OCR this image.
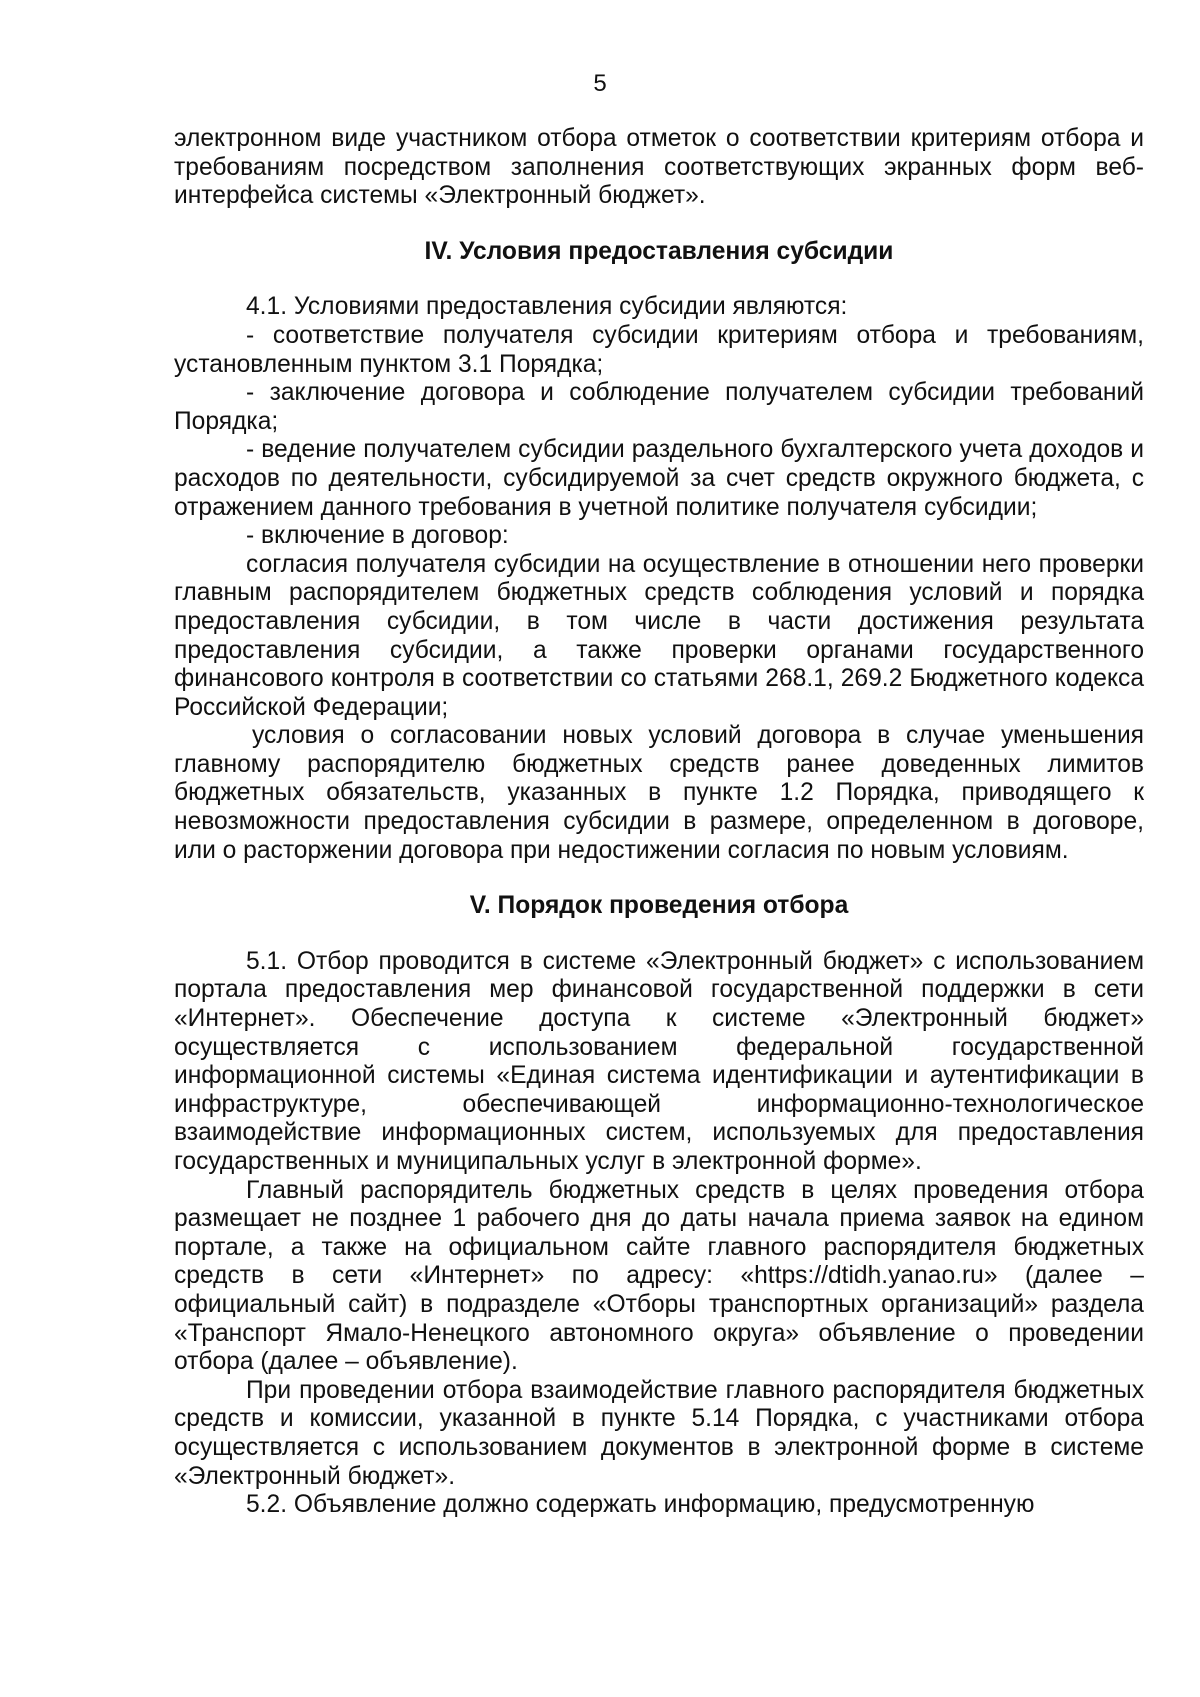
5

электронном виде участником отбора отметок о соответствии критериям отбора и требованиям посредством заполнения соответствующих экранных форм веб-интерфейса системы «Электронный бюджет».

IV. Условия предоставления субсидии

4.1. Условиями предоставления субсидии являются:

- соответствие получателя субсидии критериям отбора и требованиям, установленным пунктом 3.1 Порядка;

- заключение договора и соблюдение получателем субсидии требований Порядка;

- ведение получателем субсидии раздельного бухгалтерского учета доходов и расходов по деятельности, субсидируемой за счет средств окружного бюджета, с отражением данного требования в учетной политике получателя субсидии;

- включение в договор:

согласия получателя субсидии на осуществление в отношении него проверки главным распорядителем бюджетных средств соблюдения условий и порядка предоставления субсидии, в том числе в части достижения результата предоставления субсидии, а также проверки органами государственного финансового контроля в соответствии со статьями 268.1, 269.2 Бюджетного кодекса Российской Федерации;

условия о согласовании новых условий договора в случае уменьшения главному распорядителю бюджетных средств ранее доведенных лимитов бюджетных обязательств, указанных в пункте 1.2 Порядка, приводящего к невозможности предоставления субсидии в размере, определенном в договоре, или о расторжении договора при недостижении согласия по новым условиям.

V. Порядок проведения отбора

5.1. Отбор проводится в системе «Электронный бюджет» с использованием портала предоставления мер финансовой государственной поддержки в сети «Интернет». Обеспечение доступа к системе «Электронный бюджет» осуществляется с использованием федеральной государственной информационной системы «Единая система идентификации и аутентификации в инфраструктуре, обеспечивающей информационно-технологическое взаимодействие информационных систем, используемых для предоставления государственных и муниципальных услуг в электронной форме».

Главный распорядитель бюджетных средств в целях проведения отбора размещает не позднее 1 рабочего дня до даты начала приема заявок на едином портале, а также на официальном сайте главного распорядителя бюджетных средств в сети «Интернет» по адресу: «https://dtidh.yanao.ru» (далее – официальный сайт) в подразделе «Отборы транспортных организаций» раздела «Транспорт Ямало-Ненецкого автономного округа» объявление о проведении отбора (далее – объявление).

При проведении отбора взаимодействие главного распорядителя бюджетных средств и комиссии, указанной в пункте 5.14 Порядка, с участниками отбора осуществляется с использованием документов в электронной форме в системе «Электронный бюджет».

5.2. Объявление должно содержать информацию, предусмотренную
